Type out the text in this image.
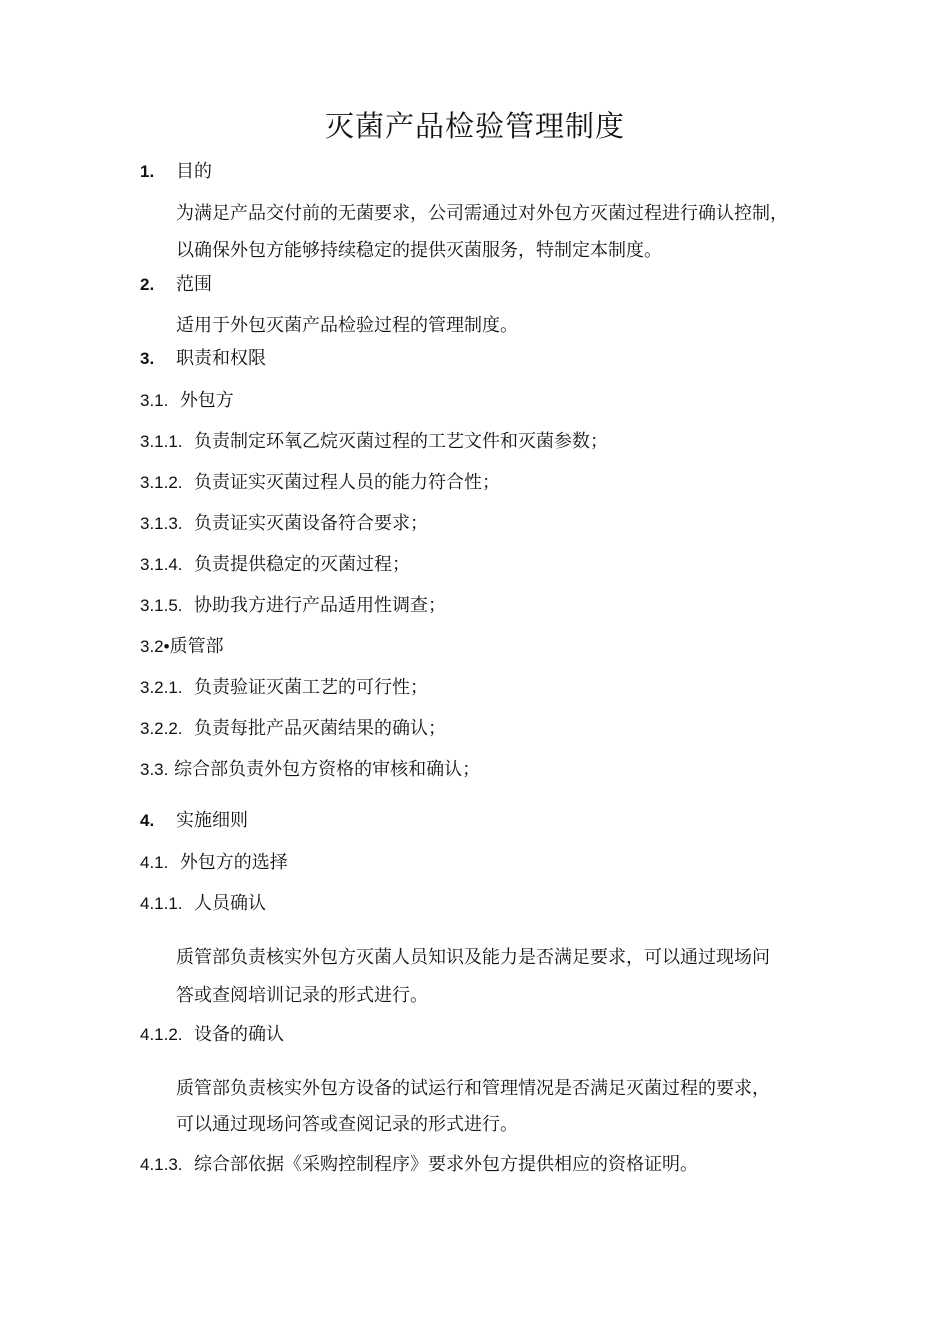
灭菌产品检验管理制度
1. 目的
为满足产品交付前的无菌要求，公司需通过对外包方灭菌过程进行确认控制，
以确保外包方能够持续稳定的提供灭菌服务，特制定本制度。
2. 范围
适用于外包灭菌产品检验过程的管理制度。
3. 职责和权限
3.1. 外包方
3.1.1. 负责制定环氧乙烷灭菌过程的工艺文件和灭菌参数；
3.1.2. 负责证实灭菌过程人员的能力符合性；
3.1.3. 负责证实灭菌设备符合要求；
3.1.4. 负责提供稳定的灭菌过程；
3.1.5. 协助我方进行产品适用性调查；
3.2•质管部
3.2.1. 负责验证灭菌工艺的可行性；
3.2.2. 负责每批产品灭菌结果的确认；
3.3. 综合部负责外包方资格的审核和确认；
4. 实施细则
4.1. 外包方的选择
4.1.1. 人员确认
质管部负责核实外包方灭菌人员知识及能力是否满足要求，可以通过现场问
答或查阅培训记录的形式进行。
4.1.2. 设备的确认
质管部负责核实外包方设备的试运行和管理情况是否满足灭菌过程的要求，
可以通过现场问答或查阅记录的形式进行。
4.1.3. 综合部依据《采购控制程序》要求外包方提供相应的资格证明。
